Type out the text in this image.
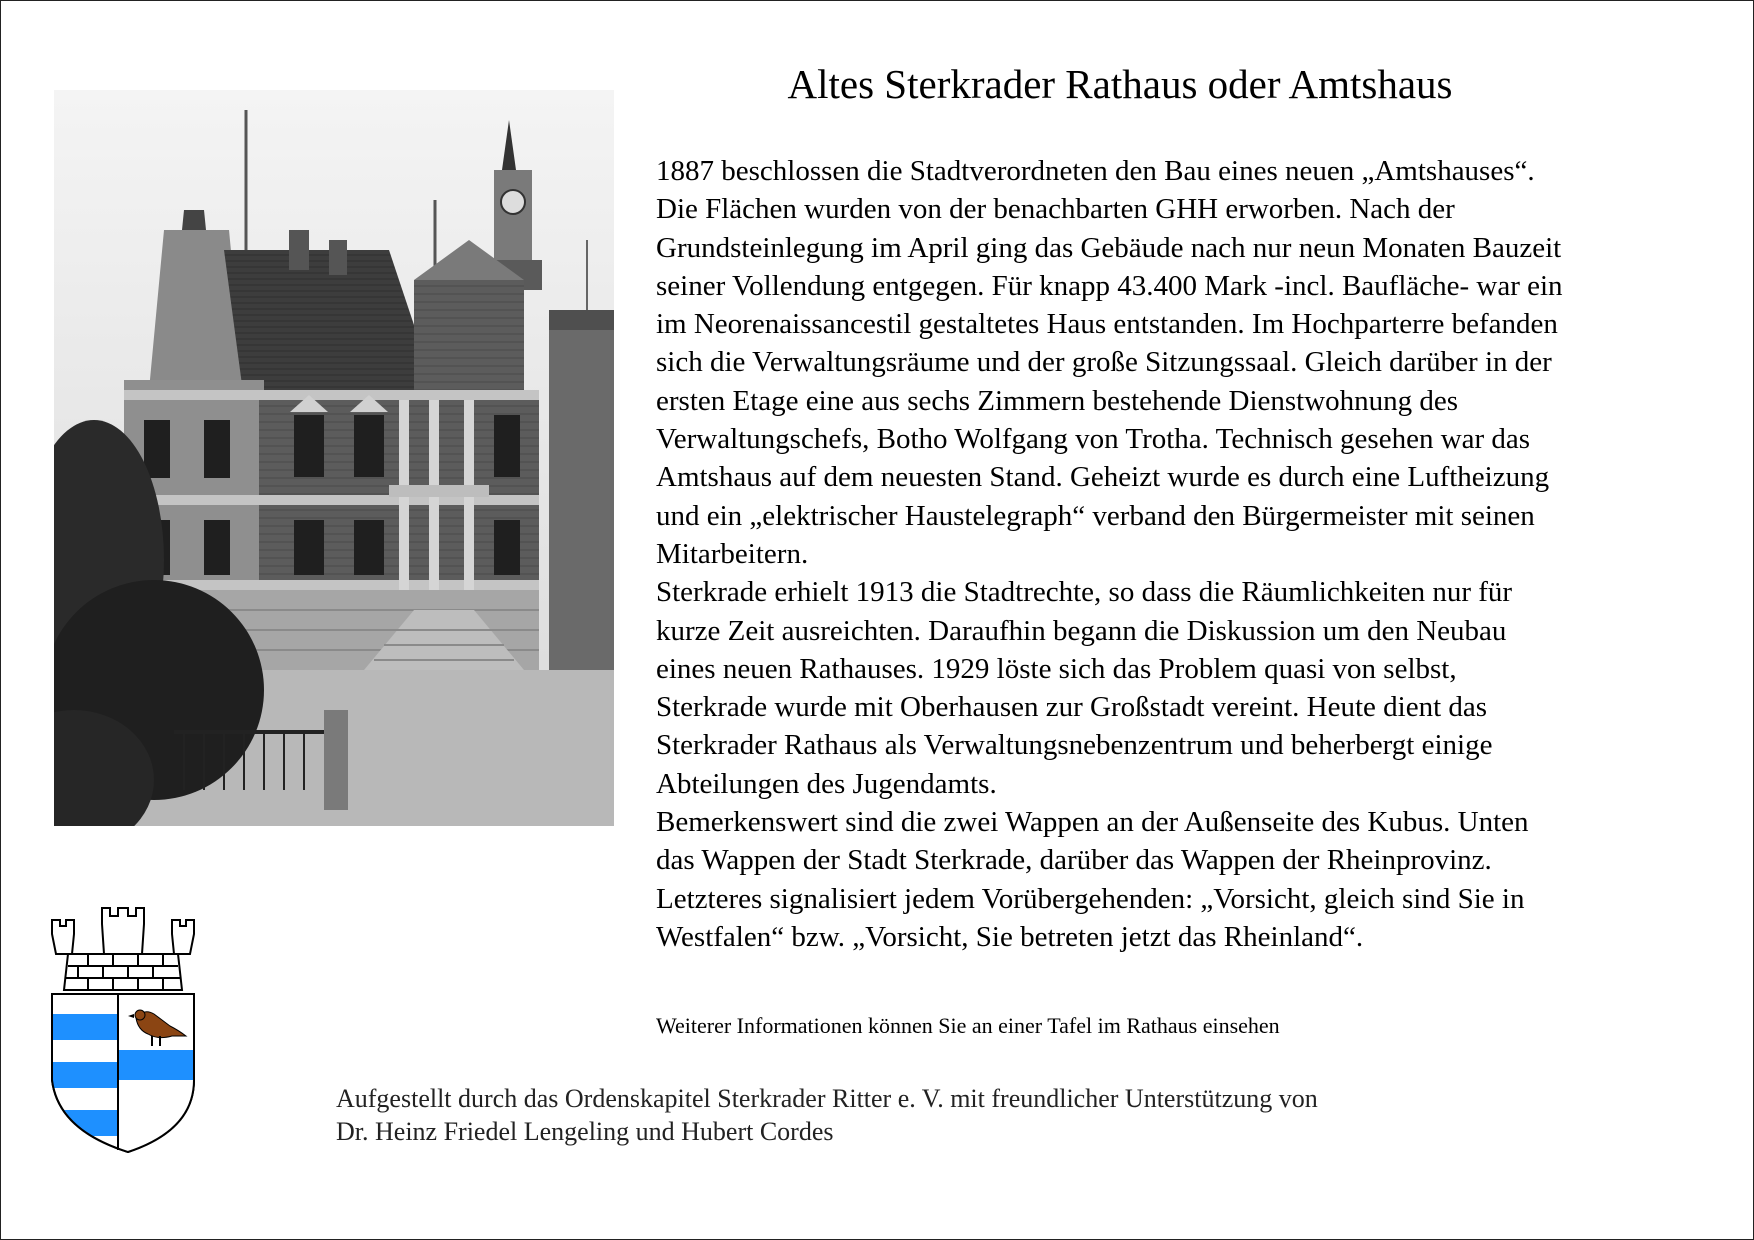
Altes Sterkrader Rathaus oder Amtshaus

1887 beschlossen die Stadtverordneten den Bau eines neuen „Amtshauses“.

Die Flächen wurden von der benachbarten GHH erworben. Nach der

Grundsteinlegung im April ging das Gebäude nach nur neun Monaten Bauzeit

seiner Vollendung entgegen. Für knapp 43.400 Mark -incl. Baufläche- war ein

im Neorenaissancestil gestaltetes Haus entstanden. Im Hochparterre befanden

sich die Verwaltungsräume und der große Sitzungssaal. Gleich darüber in der

ersten Etage eine aus sechs Zimmern bestehende Dienstwohnung des

Verwaltungschefs, Botho Wolfgang von Trotha. Technisch gesehen war das

Amtshaus auf dem neuesten Stand. Geheizt wurde es durch eine Luftheizung

und ein „elektrischer Haustelegraph“ verband den Bürgermeister mit seinen

Mitarbeitern.

Sterkrade erhielt 1913 die Stadtrechte, so dass die Räumlichkeiten nur für

kurze Zeit ausreichten. Daraufhin begann die Diskussion um den Neubau

eines neuen Rathauses. 1929 löste sich das Problem quasi von selbst,

Sterkrade wurde mit Oberhausen zur Großstadt vereint. Heute dient das

Sterkrader Rathaus als Verwaltungsnebenzentrum und beherbergt einige

Abteilungen des Jugendamts.

Bemerkenswert sind die zwei Wappen an der Außenseite des Kubus. Unten

das Wappen der Stadt Sterkrade, darüber das Wappen der Rheinprovinz.

Letzteres signalisiert jedem Vorübergehenden: „Vorsicht, gleich sind Sie in

Westfalen“ bzw. „Vorsicht, Sie betreten jetzt das Rheinland“.

Weiterer Informationen können Sie an einer Tafel im Rathaus einsehen

Aufgestellt durch das Ordenskapitel Sterkrader Ritter e. V. mit freundlicher Unterstützung von

Dr. Heinz Friedel Lengeling und Hubert Cordes
